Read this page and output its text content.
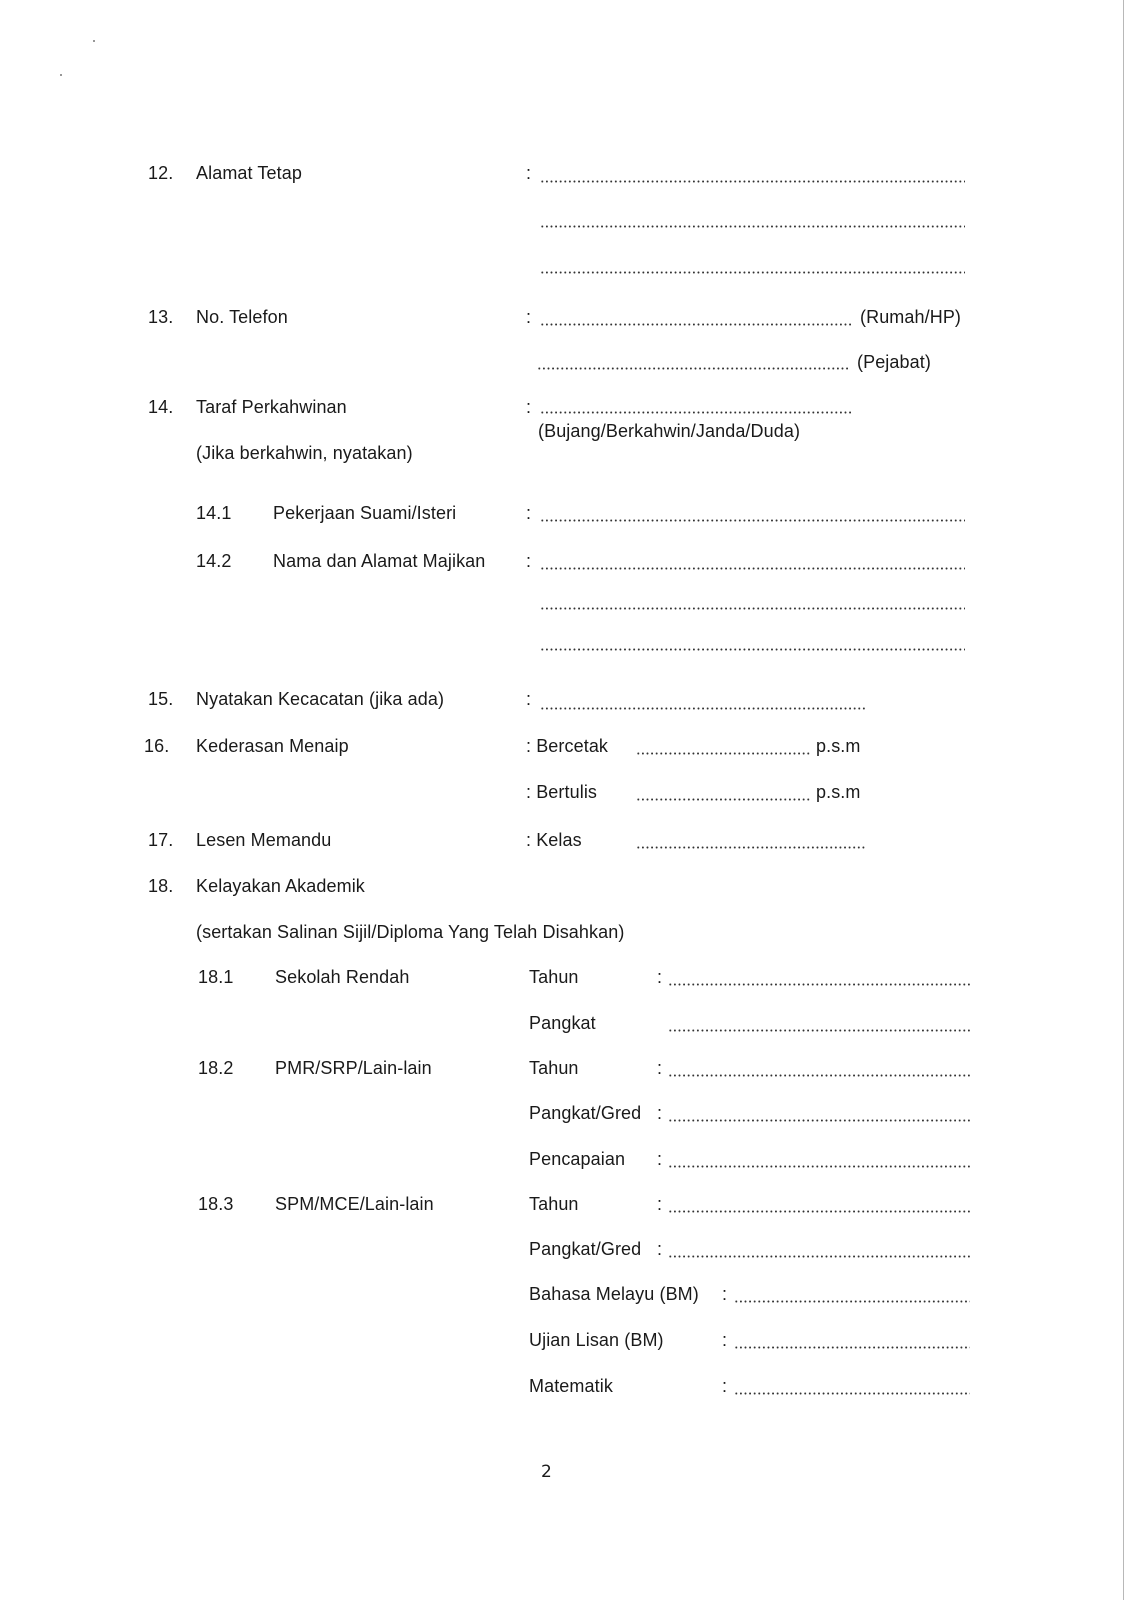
12. Alamat Tetap	:
13. No. Telefon	:	(Rumah/HP)
(Pejabat)
14. Taraf Perkahwinan	:
(Bujang/Berkahwin/Janda/Duda)
(Jika berkahwin, nyatakan)
14.1 Pekerjaan Suami/Isteri	:
14.2 Nama dan Alamat Majikan :
15. Nyatakan Kecacatan (jika ada)	:
16. Kederasan Menaip	: Bercetak	p.s.m
: Bertulis	p.s.m
17. Lesen Memandu	: Kelas
18. Kelayakan Akademik
(sertakan Salinan Sijil/Diploma Yang Telah Disahkan)
18.1 Sekolah Rendah	Tahun	:
Pangkat
18.2 PMR/SRP/Lain-lain	Tahun	:
Pangkat/Gred :
Pencapaian :
18.3 SPM/MCE/Lain-lain	Tahun	:
Pangkat/Gred :
Bahasa Melayu (BM) :
Ujian Lisan (BM)	:
Matematik	:
2
